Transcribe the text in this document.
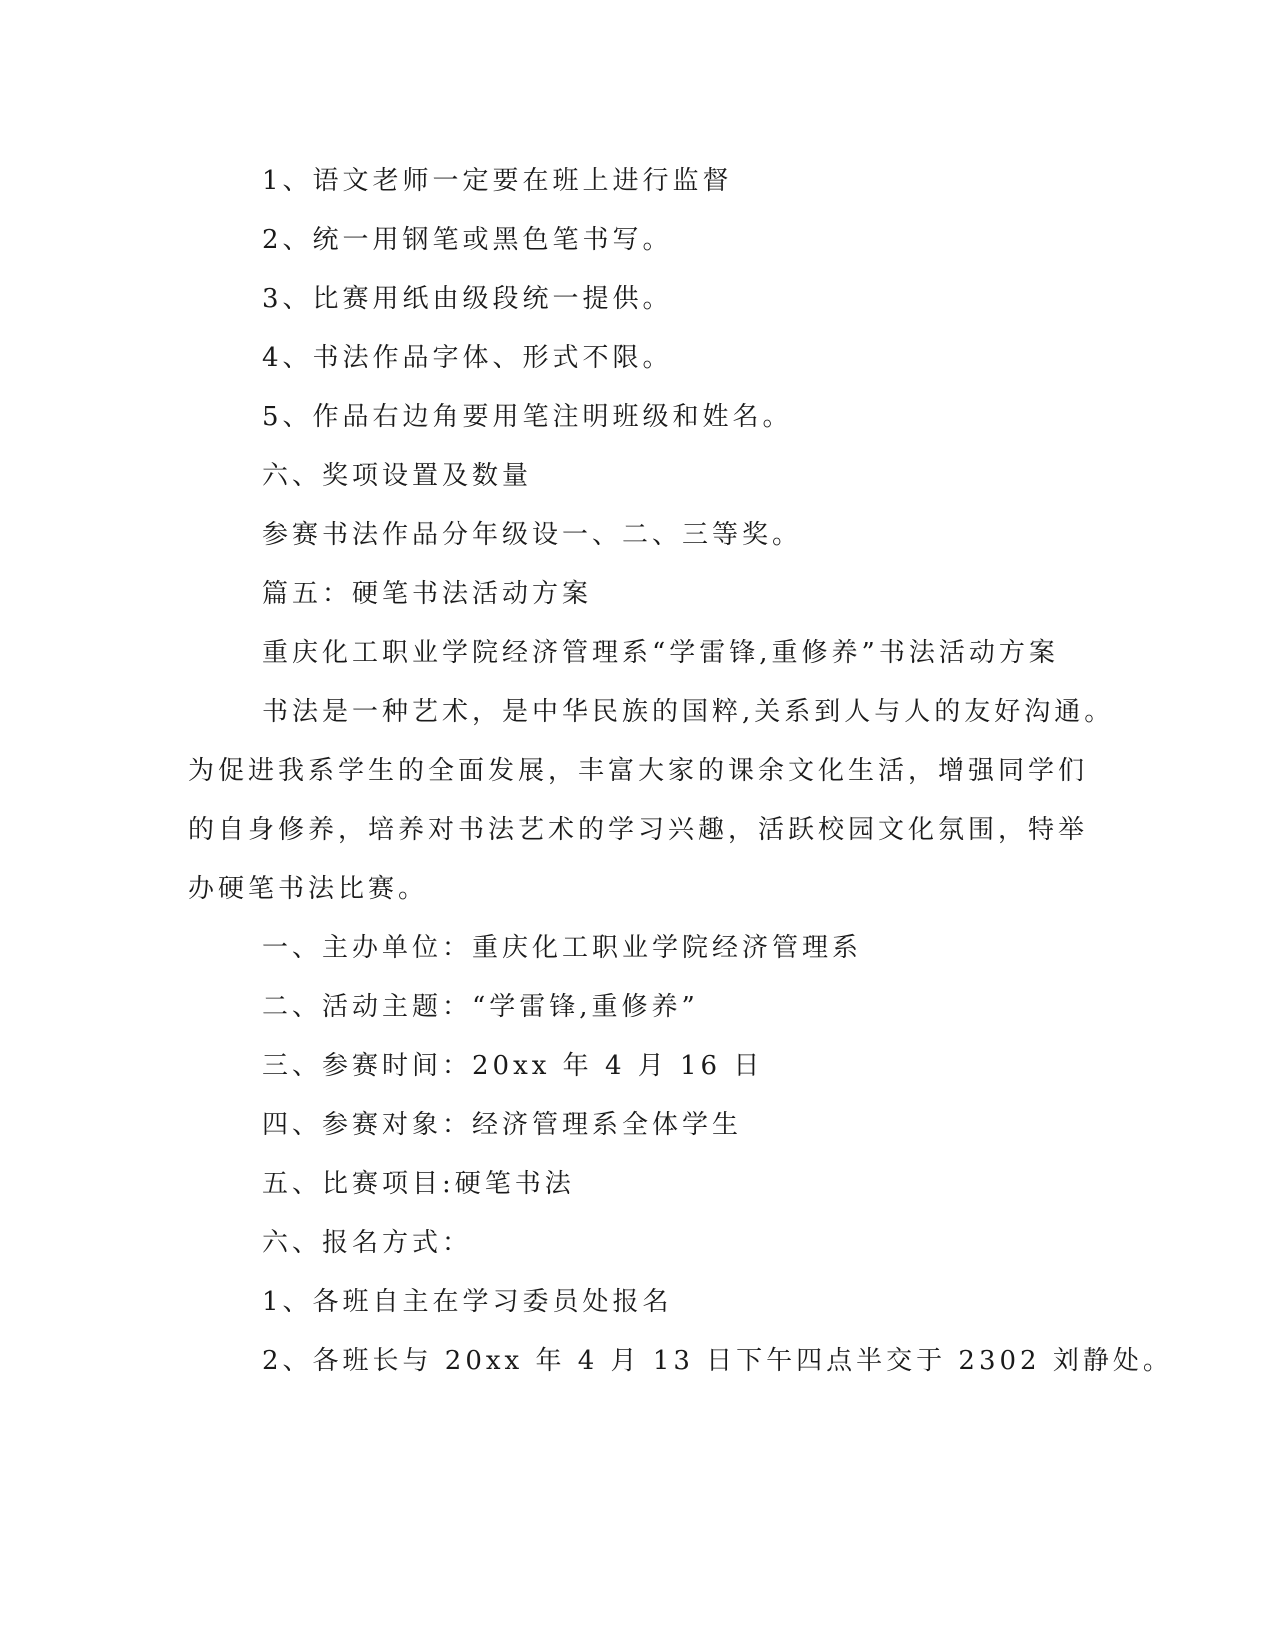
1、语文老师一定要在班上进行监督
2、统一用钢笔或黑色笔书写。
3、比赛用纸由级段统一提供。
4、书法作品字体、形式不限。
5、作品右边角要用笔注明班级和姓名。
六、奖项设置及数量
参赛书法作品分年级设一、二、三等奖。
篇五：硬笔书法活动方案
重庆化工职业学院经济管理系“学雷锋,重修养”书法活动方案
书法是一种艺术，是中华民族的国粹,关系到人与人的友好沟通。
为促进我系学生的全面发展，丰富大家的课余文化生活，增强同学们
的自身修养，培养对书法艺术的学习兴趣，活跃校园文化氛围，特举
办硬笔书法比赛。
一、主办单位：重庆化工职业学院经济管理系
二、活动主题：“学雷锋,重修养”
三、参赛时间：20xx 年 4 月 16 日
四、参赛对象：经济管理系全体学生
五、比赛项目:硬笔书法
六、报名方式：
1、各班自主在学习委员处报名
2、各班长与 20xx 年 4 月 13 日下午四点半交于 2302 刘静处。
